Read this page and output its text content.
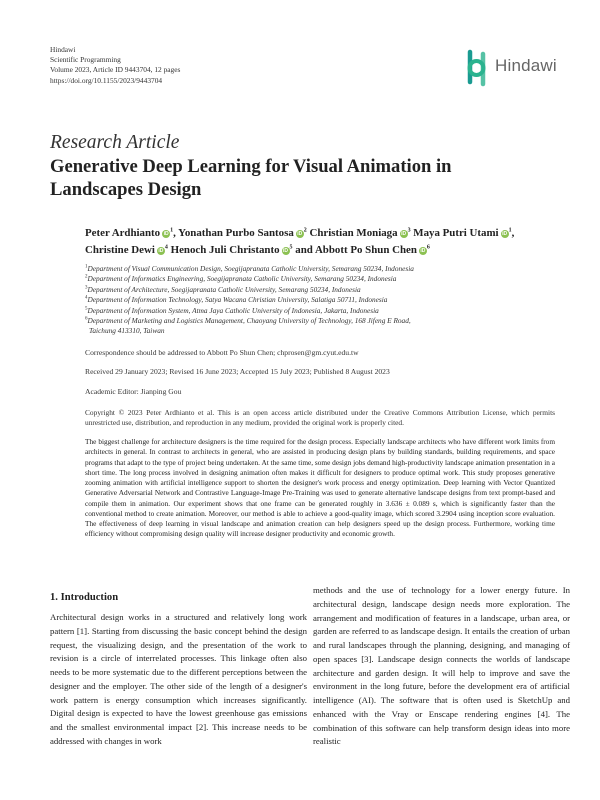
Hindawi
Scientific Programming
Volume 2023, Article ID 9443704, 12 pages
https://doi.org/10.1155/2023/9443704
Hindawi
Research Article
Generative Deep Learning for Visual Animation in Landscapes Design
Peter Ardhianto $iD^1$, Yonathan Purbo Santosa $iD^2$ Christian Moniaga $iD^3$ Maya Putri Utami $iD^1$,
Christine Dewi $iD^4$ Henoch Juli Christanto $iD^5$ and Abbott Po Shun Chen $iD^6$
$^1$Department of Visual Communication Design, Soegijapranata Catholic University, Semarang 50234, Indonesia
$^2$Department of Informatics Engineering, Soegijapranata Catholic University, Semarang 50234, Indonesia
$^3$Department of Architecture, Soegijapranata Catholic University, Semarang 50234, Indonesia
$^4$Department of Information Technology, Satya Wacana Christian University, Salatiga 50711, Indonesia
$^5$Department of Information System, Atma Jaya Catholic University of Indonesia, Jakarta, Indonesia
$^6$Department of Marketing and Logistics Management, Chaoyang University of Technology, 168 Jifeng E Road,
Taichung 413310, Taiwan
Correspondence should be addressed to Abbott Po Shun Chen; chprosen@gm.cyut.edu.tw
Received 29 January 2023; Revised 16 June 2023; Accepted 15 July 2023; Published 8 August 2023
Academic Editor: Jianping Gou
Copyright © 2023 Peter Ardhianto et al. This is an open access article distributed under the Creative Commons Attribution License, which permits unrestricted use, distribution, and reproduction in any medium, provided the original work is properly cited.
The biggest challenge for architecture designers is the time required for the design process. Especially landscape architects who have different work limits from architects in general. In contrast to architects in general, who are assisted in producing design plans by building standards, building requirements, and space programs that adapt to the type of project being undertaken. At the same time, some design jobs demand high-productivity landscape animation presentation in a short time. The long process involved in designing animation often makes it difficult for designers to produce optimal work. This study proposes generative zooming animation with artificial intelligence support to shorten the designer's work process and energy optimization. Deep learning with Vector Quantized Generative Adversarial Network and Contrastive Language-Image Pre-Training was used to generate alternative landscape designs from text prompt-based and compile them in animation. Our experiment shows that one frame can be generated roughly in 3.636 ± 0.089 s, which is significantly faster than the conventional method to create animation. Moreover, our method is able to achieve a good-quality image, which scored 3.2904 using inception score evaluation. The effectiveness of deep learning in visual landscape and animation creation can help designers speed up the design process. Furthermore, working time efficiency without compromising design quality will increase designer productivity and economic growth.
1. Introduction
Architectural design works in a structured and relatively long work pattern [1]. Starting from discussing the basic concept behind the design request, the visualizing design, and the presentation of the work to revision is a circle of interrelated processes. This linkage often also needs to be more systematic due to the different perceptions between the designer and the employer. The other side of the length of a designer's work pattern is energy consumption which increases significantly. Digital design is expected to have the lowest greenhouse gas emissions and the smallest environmental impact [2]. This increase needs to be addressed with changes in work
methods and the use of technology for a lower energy future. In architectural design, landscape design needs more exploration. The arrangement and modification of features in a landscape, urban area, or garden are referred to as landscape design. It entails the creation of urban and rural landscapes through the planning, designing, and managing of open spaces [3]. Landscape design connects the worlds of landscape architecture and garden design. It will help to improve and save the environment in the long future, before the development era of artificial intelligence (AI). The software that is often used is SketchUp and enhanced with the Vray or Enscape rendering engines [4]. The combination of this software can help transform design ideas into more realistic
